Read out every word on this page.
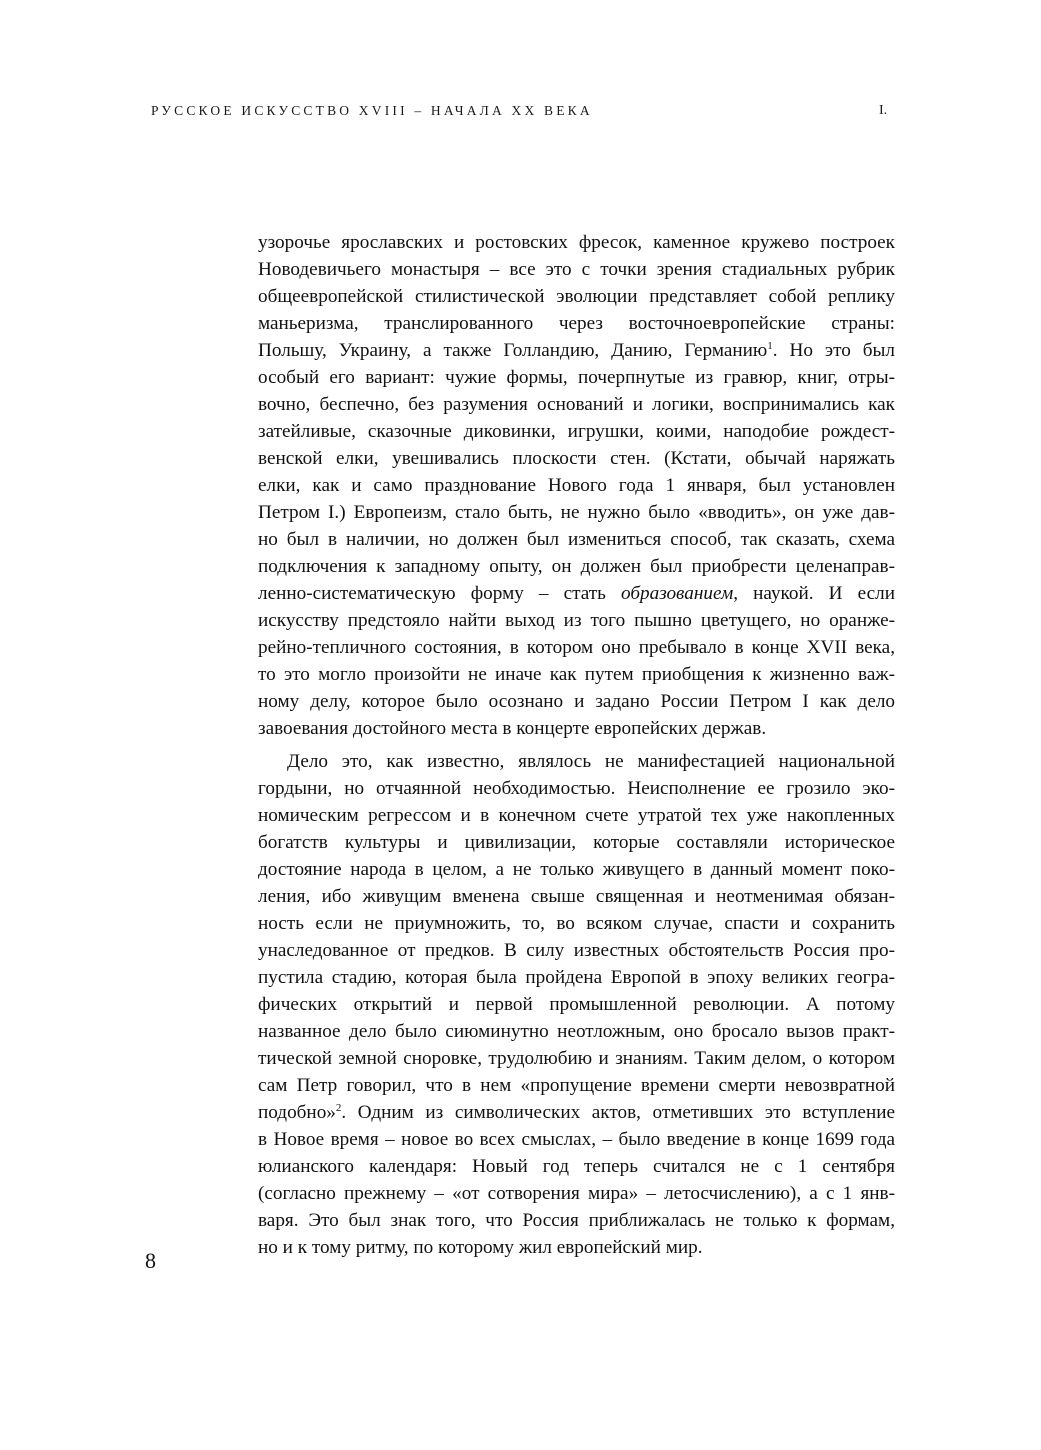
РУССКОЕ ИСКУССТВО XVIII – НАЧАЛА XX ВЕКА	I.
узорочье ярославских и ростовских фресок, каменное кружево построек
Новодевичьего монастыря – все это с точки зрения стадиальных рубрик
общеевропейской стилистической эволюции представляет собой реплику
маньеризма, транслированного через восточноевропейские страны:
Польшу, Украину, а также Голландию, Данию, Германию$^1$. Но это был
особый его вариант: чужие формы, почерпнутые из гравюр, книг, отры-
вочно, беспечно, без разумения оснований и логики, воспринимались как
затейливые, сказочные диковинки, игрушки, коими, наподобие рождест-
венской елки, увешивались плоскости стен. (Кстати, обычай наряжать
елки, как и само празднование Нового года 1 января, был установлен
Петром I.) Европеизм, стало быть, не нужно было «вводить», он уже дав-
но был в наличии, но должен был измениться способ, так сказать, схема
подключения к западному опыту, он должен был приобрести целенаправ-
ленно-систематическую форму – стать образованием, наукой. И если
искусству предстояло найти выход из того пышно цветущего, но оранже-
рейно-тепличного состояния, в котором оно пребывало в конце XVII века,
то это могло произойти не иначе как путем приобщения к жизненно важ-
ному делу, которое было осознано и задано России Петром I как дело
завоевания достойного места в концерте европейских держав.
Дело это, как известно, являлось не манифестацией национальной
гордыни, но отчаянной необходимостью. Неисполнение ее грозило эко-
номическим регрессом и в конечном счете утратой тех уже накопленных
богатств культуры и цивилизации, которые составляли историческое
достояние народа в целом, а не только живущего в данный момент поко-
ления, ибо живущим вменена свыше священная и неотменимая обязан-
ность если не приумножить, то, во всяком случае, спасти и сохранить
унаследованное от предков. В силу известных обстоятельств Россия про-
пустила стадию, которая была пройдена Европой в эпоху великих геогра-
фических открытий и первой промышленной революции. А потому
названное дело было сиюминутно неотложным, оно бросало вызов практ-
тической земной сноровке, трудолюбию и знаниям. Таким делом, о котором
сам Петр говорил, что в нем «пропущение времени смерти невозвратной
подобно»$^2$. Одним из символических актов, отметивших это вступление
в Новое время – новое во всех смыслах, – было введение в конце 1699 года
юлианского календаря: Новый год теперь считался не с 1 сентября
(согласно прежнему – «от сотворения мира» – летосчислению), а с 1 янв-
варя. Это был знак того, что Россия приближалась не только к формам,
но и к тому ритму, по которому жил европейский мир.
8
